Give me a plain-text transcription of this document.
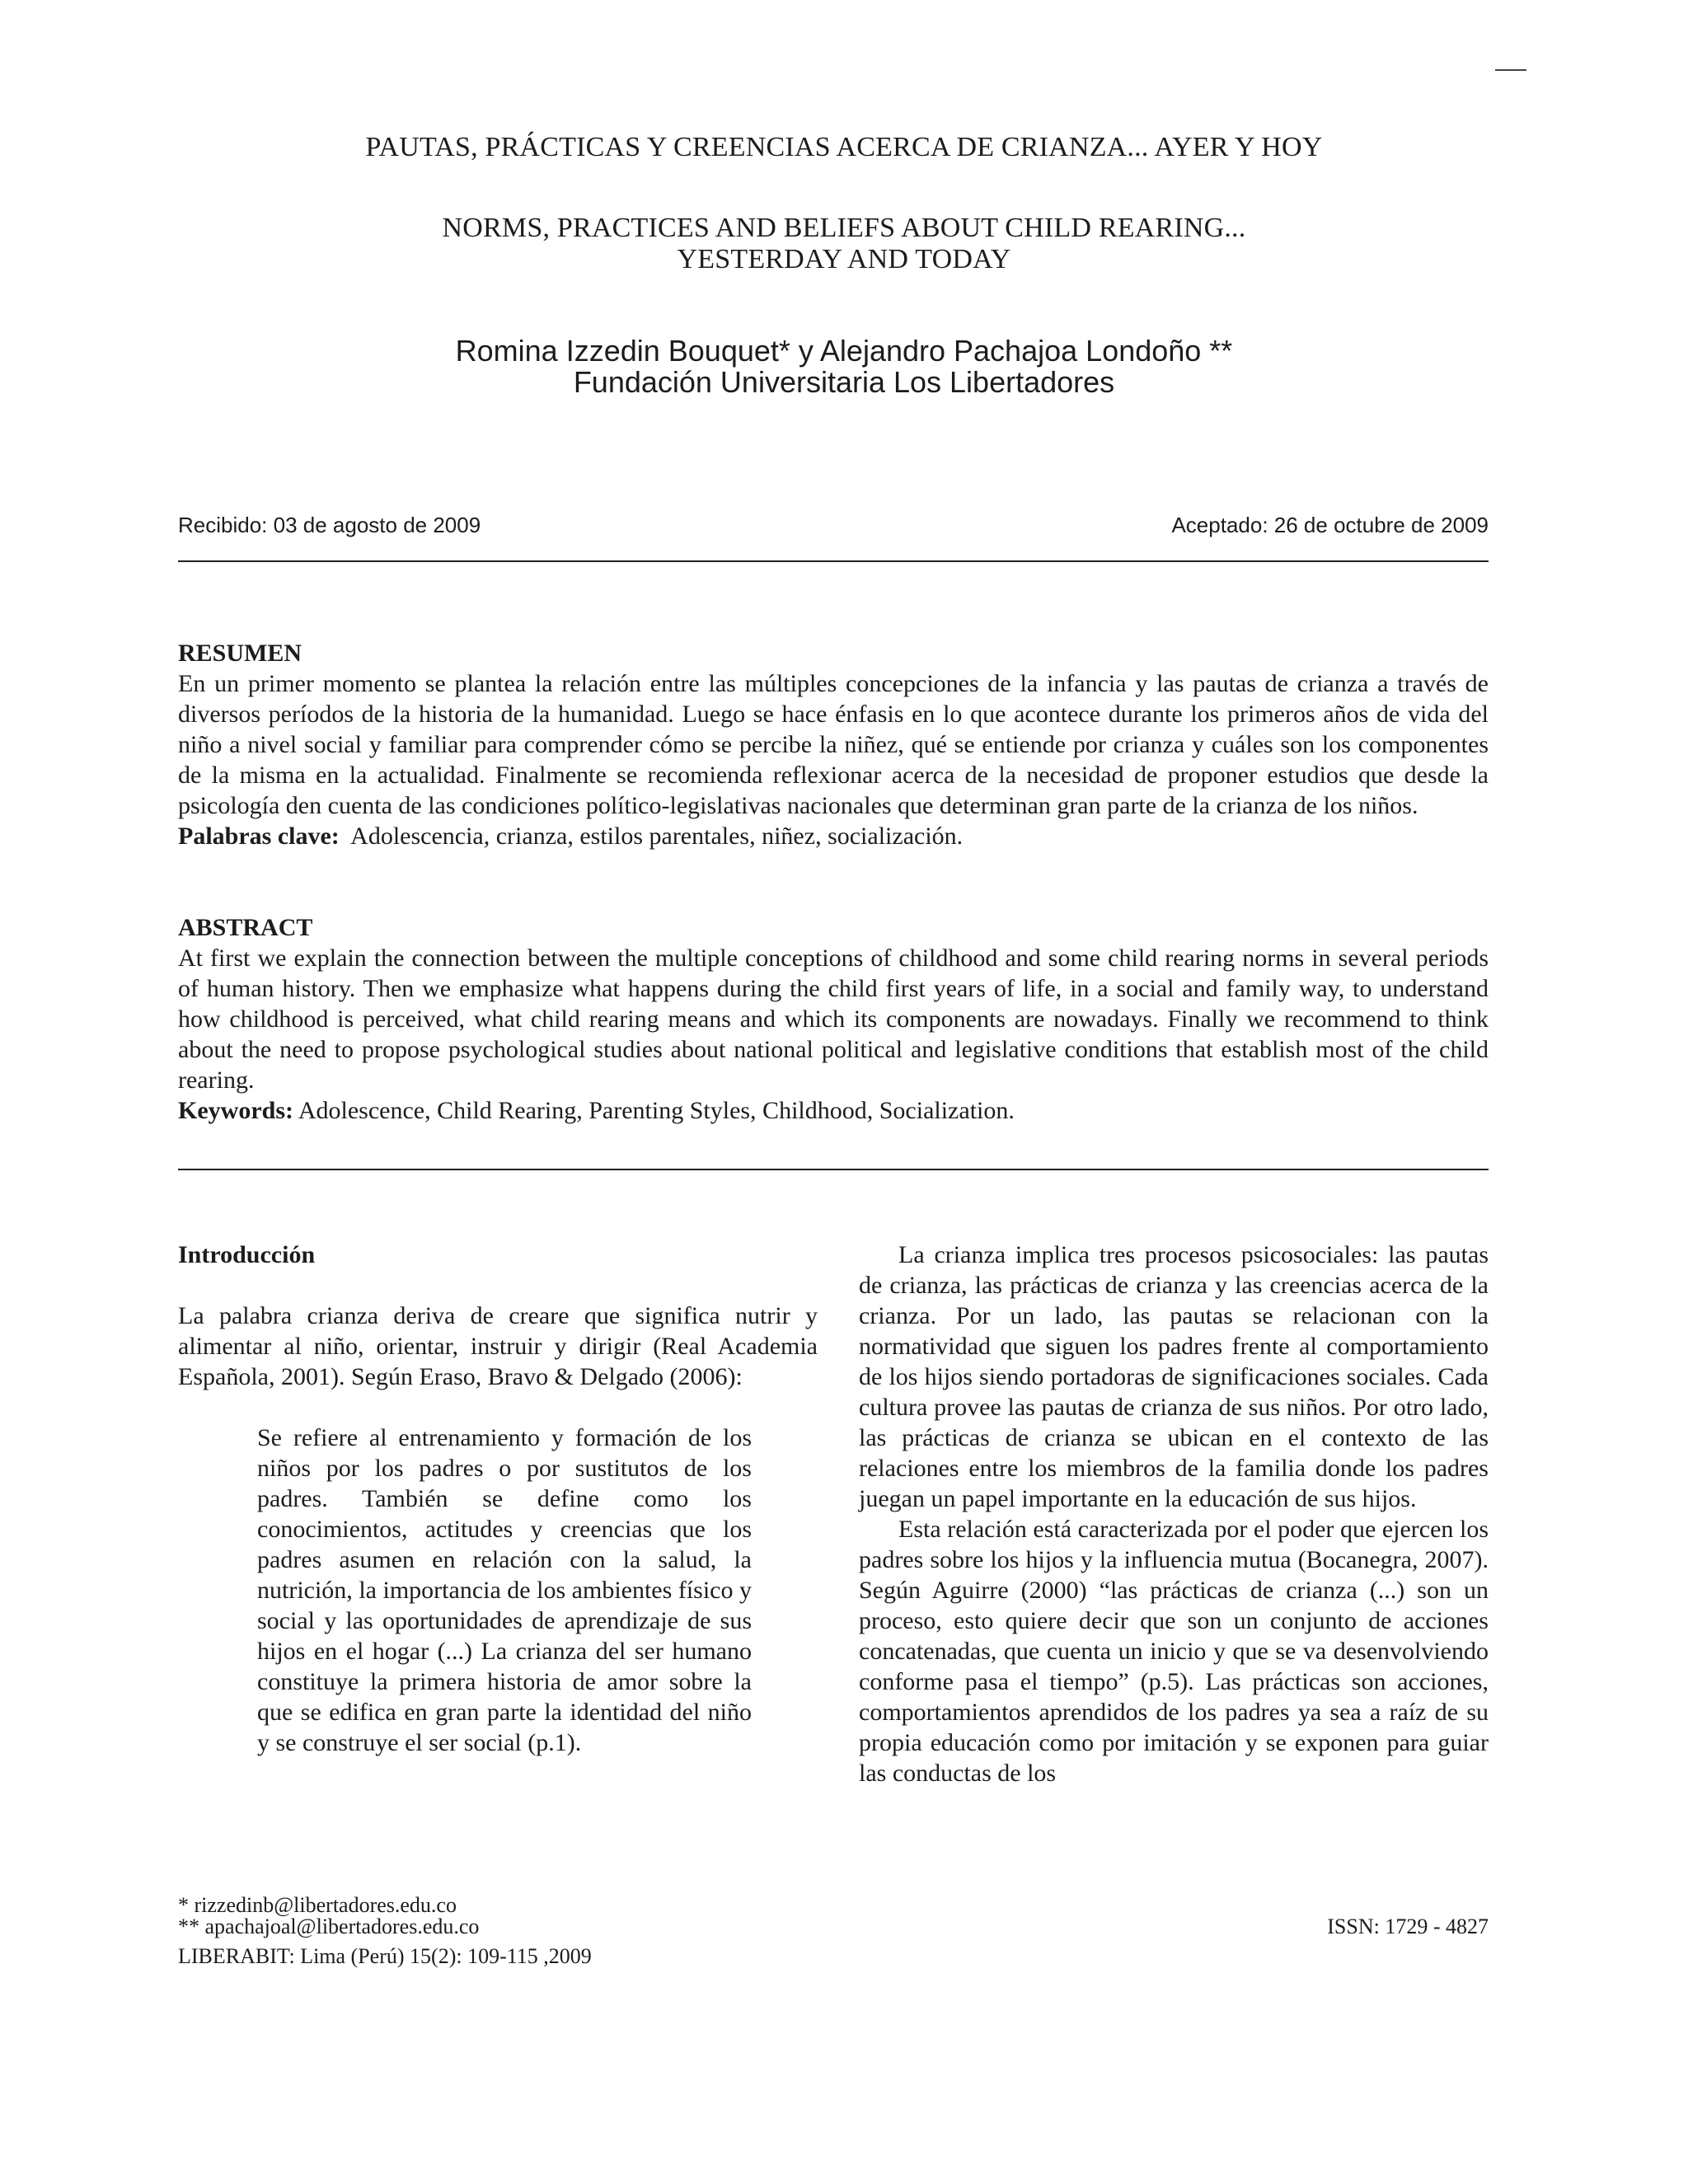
PAUTAS, PRÁCTICAS Y CREENCIAS ACERCA DE CRIANZA... AYER Y HOY
NORMS, PRACTICES AND BELIEFS ABOUT CHILD REARING...
YESTERDAY AND TODAY
Romina Izzedin Bouquet* y Alejandro Pachajoa Londoño **
Fundación Universitaria Los Libertadores
Recibido: 03 de agosto de 2009	Aceptado: 26 de octubre de 2009

RESUMEN

En un primer momento se plantea la relación entre las múltiples concepciones de la infancia y las pautas de crianza a través de diversos períodos de la historia de la humanidad. Luego se hace énfasis en lo que acontece durante los primeros años de vida del niño a nivel social y familiar para comprender cómo se percibe la niñez, qué se entiende por crianza y cuáles son los componentes de la misma en la actualidad. Finalmente se recomienda reflexionar acerca de la necesidad de proponer estudios que desde la psicología den cuenta de las condiciones político-legislativas nacionales que determinan gran parte de la crianza de los niños.

Palabras clave: Adolescencia, crianza, estilos parentales, niñez, socialización.

ABSTRACT

At first we explain the connection between the multiple conceptions of childhood and some child rearing norms in several periods of human history. Then we emphasize what happens during the child first years of life, in a social and family way, to understand how childhood is perceived, what child rearing means and which its components are nowadays. Finally we recommend to think about the need to propose psychological studies about national political and legislative conditions that establish most of the child rearing.

Keywords: Adolescence, Child Rearing, Parenting Styles, Childhood, Socialization.

Introducción

La palabra crianza deriva de creare que significa nutrir y alimentar al niño, orientar, instruir y dirigir (Real Academia Española, 2001). Según Eraso, Bravo & Delgado (2006):

Se refiere al entrenamiento y formación de los niños por los padres o por sustitutos de los padres. También se define como los conocimientos, actitudes y creencias que los padres asumen en relación con la salud, la nutrición, la importancia de los ambientes físico y social y las oportunidades de aprendizaje de sus hijos en el hogar (...) La crianza del ser humano constituye la primera historia de amor sobre la que se edifica en gran parte la identidad del niño y se construye el ser social (p.1).

La crianza implica tres procesos psicosociales: las pautas de crianza, las prácticas de crianza y las creencias acerca de la crianza. Por un lado, las pautas se relacionan con la normatividad que siguen los padres frente al comportamiento de los hijos siendo portadoras de significaciones sociales. Cada cultura provee las pautas de crianza de sus niños. Por otro lado, las prácticas de crianza se ubican en el contexto de las relaciones entre los miembros de la familia donde los padres juegan un papel importante en la educación de sus hijos.

Esta relación está caracterizada por el poder que ejercen los padres sobre los hijos y la influencia mutua (Bocanegra, 2007). Según Aguirre (2000) “las prácticas de crianza (...) son un proceso, esto quiere decir que son un conjunto de acciones concatenadas, que cuenta un inicio y que se va desenvolviendo conforme pasa el tiempo” (p.5). Las prácticas son acciones, comportamientos aprendidos de los padres ya sea a raíz de su propia educación como por imitación y se exponen para guiar las conductas de los

* rizzedinb@libertadores.edu.co
** apachajoal@libertadores.edu.co
LIBERABIT: Lima (Perú) 15(2): 109-115 ,2009
ISSN: 1729 - 4827
